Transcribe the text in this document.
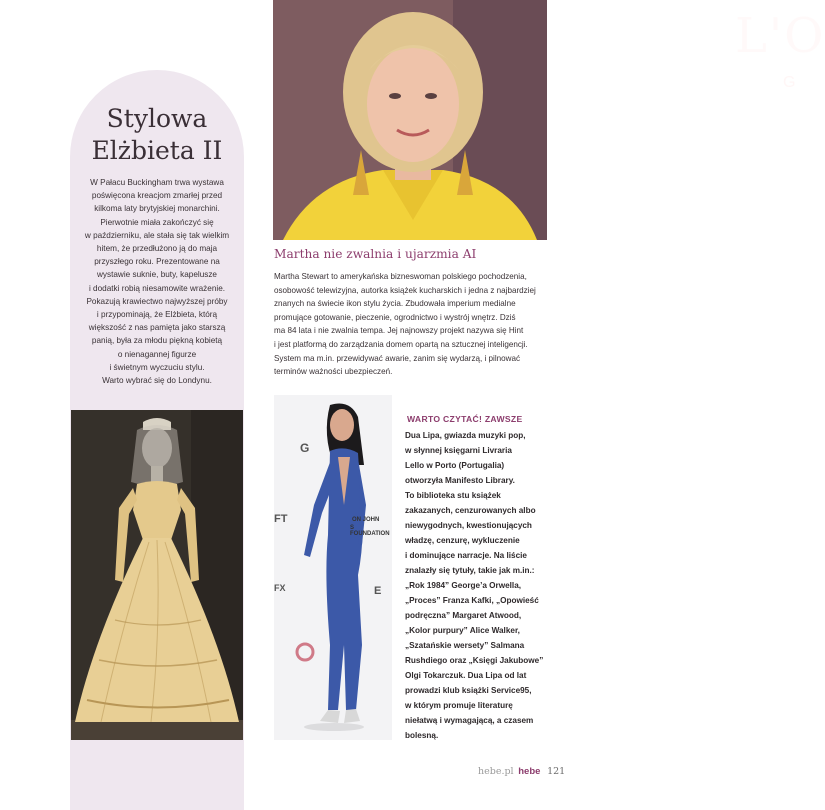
Stylowa
Elżbieta II
W Pałacu Buckingham trwa wystawa
poświęcona kreacjom zmarłej przed
kilkoma laty brytyjskiej monarchini.
Pierwotnie miała zakończyć się
w październiku, ale stała się tak wielkim
hitem, że przedłużono ją do maja
przyszłego roku. Prezentowane na
wystawie suknie, buty, kapelusze
i dodatki robią niesamowite wrażenie.
Pokazują krawiectwo najwyższej próby
i przypominają, że Elżbieta, którą
większość z nas pamięta jako starszą
panią, była za młodu piękną kobietą
o nienagannej figurze
i świetnym wyczuciu stylu.
Warto wybrać się do Londynu.
L'O
G
Martha nie zwalnia i ujarzmia AI
Martha Stewart to amerykańska bizneswoman polskiego pochodzenia,
osobowość telewizyjna, autorka książek kucharskich i jedna z najbardziej
znanych na świecie ikon stylu życia. Zbudowała imperium medialne
promujące gotowanie, pieczenie, ogrodnictwo i wystrój wnętrz. Dziś
ma 84 lata i nie zwalnia tempa. Jej najnowszy projekt nazywa się Hint
i jest platformą do zarządzania domem opartą na sztucznej inteligencji.
System ma m.in. przewidywać awarie, zanim się wydarzą, i pilnować
terminów ważności ubezpieczeń.
G
FT	ON JOHN
S FOUNDATION
FX	E
WARTO CZYTAĆ! ZAWSZE
Dua Lipa, gwiazda muzyki pop,
w słynnej księgarni Livraria
Lello w Porto (Portugalia)
otworzyła Manifesto Library.
To biblioteka stu książek
zakazanych, cenzurowanych albo
niewygodnych, kwestionujących
władzę, cenzurę, wykluczenie
i dominujące narracje. Na liście
znalazły się tytuły, takie jak m.in.:
„Rok 1984” George’a Orwella,
„Proces” Franza Kafki, „Opowieść
podręczna” Margaret Atwood,
„Kolor purpury” Alice Walker,
„Szatańskie wersety” Salmana
Rushdiego oraz „Księgi Jakubowe”
Olgi Tokarczuk. Dua Lipa od lat
prowadzi klub książki Service95,
w którym promuje literaturę
niełatwą i wymagającą, a czasem
bolesną.
hebe.pl hebe 121
